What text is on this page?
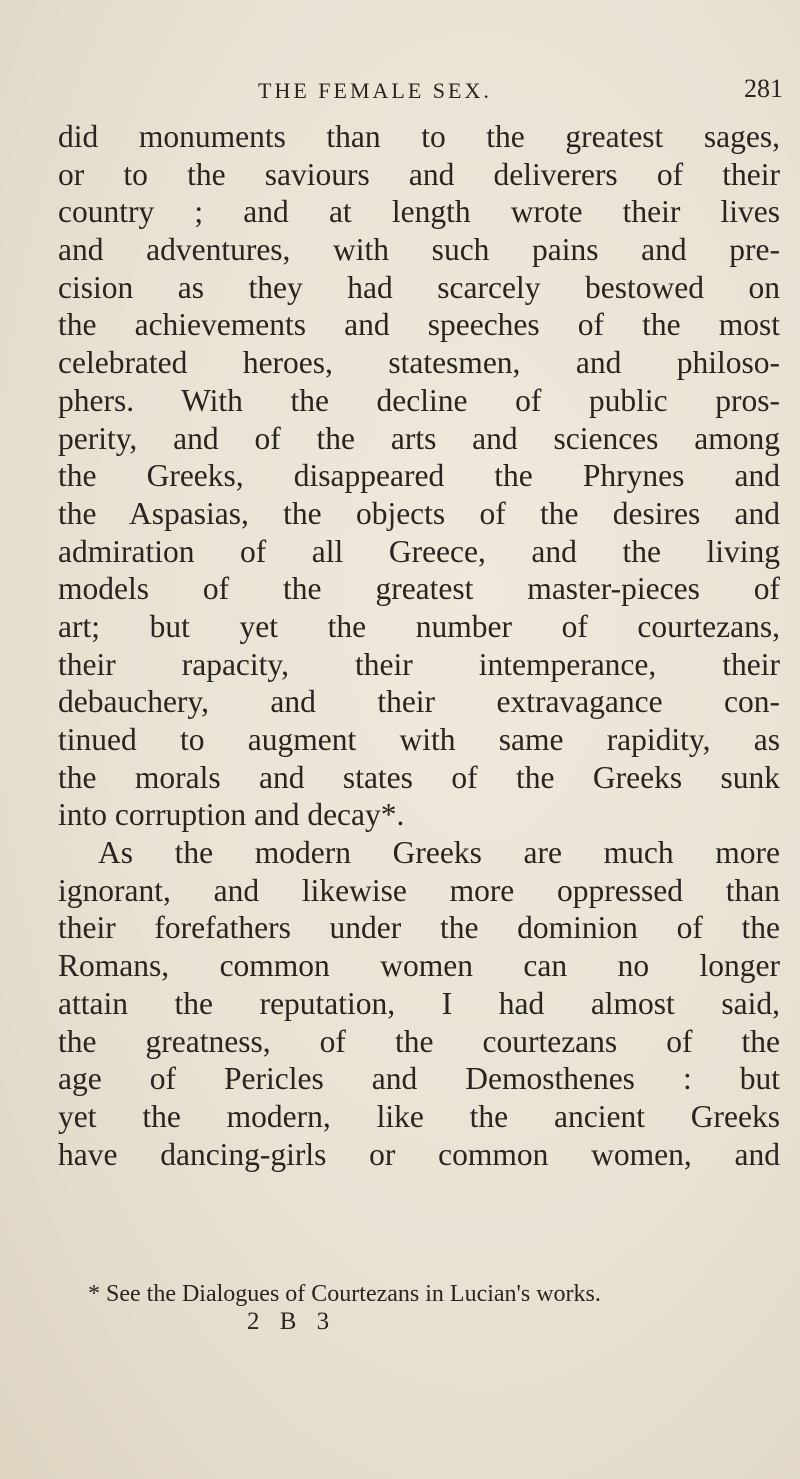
THE FEMALE SEX.	281
did monuments than to the greatest sages,
or to the saviours and deliverers of their
country ; and at length wrote their lives
and adventures, with such pains and pre-
cision as they had scarcely bestowed on
the achievements and speeches of the most
celebrated heroes, statesmen, and philoso-
phers. With the decline of public pros-
perity, and of the arts and sciences among
the Greeks, disappeared the Phrynes and
the Aspasias, the objects of the desires and
admiration of all Greece, and the living
models of the greatest master-pieces of
art; but yet the number of courtezans,
their rapacity, their intemperance, their
debauchery, and their extravagance con-
tinued to augment with same rapidity, as
the morals and states of the Greeks sunk
into corruption and decay*.
As the modern Greeks are much more
ignorant, and likewise more oppressed than
their forefathers under the dominion of the
Romans, common women can no longer
attain the reputation, I had almost said,
the greatness, of the courtezans of the
age of Pericles and Demosthenes : but
yet the modern, like the ancient Greeks
have dancing-girls or common women, and
* See the Dialogues of Courtezans in Lucian's works.
2 B 3
